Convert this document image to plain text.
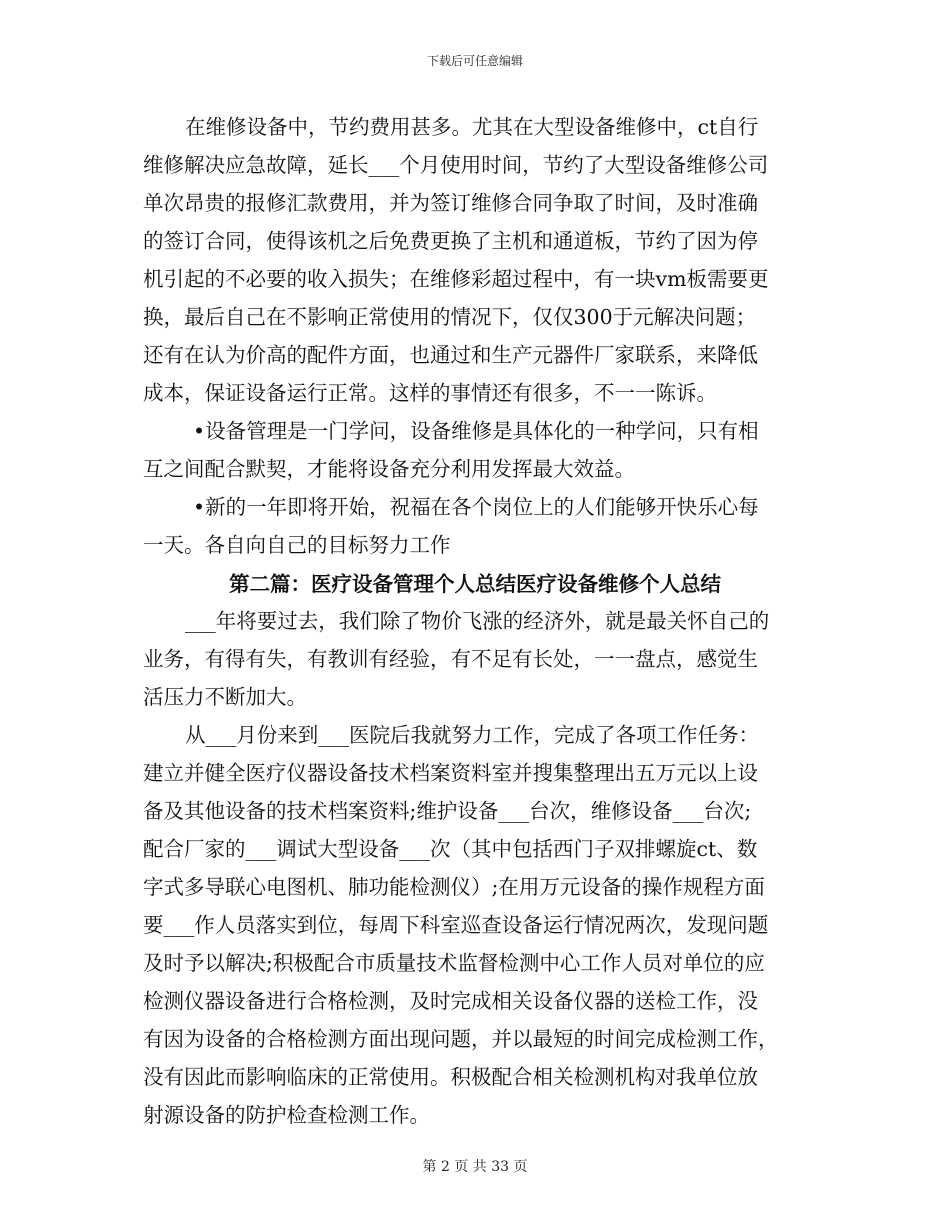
下载后可任意编辑
在维修设备中，节约费用甚多。尤其在大型设备维修中，ct自行
维修解决应急故障，延长___个月使用时间，节约了大型设备维修公司
单次昂贵的报修汇款费用，并为签订维修合同争取了时间，及时准确
的签订合同，使得该机之后免费更换了主机和通道板，节约了因为停
机引起的不必要的收入损失；在维修彩超过程中，有一块vm板需要更
换，最后自己在不影响正常使用的情况下，仅仅300于元解决问题；
还有在认为价高的配件方面，也通过和生产元器件厂家联系，来降低
成本，保证设备运行正常。这样的事情还有很多，不一一陈诉。
•设备管理是一门学问，设备维修是具体化的一种学问，只有相
互之间配合默契，才能将设备充分利用发挥最大效益。
•新的一年即将开始，祝福在各个岗位上的人们能够开快乐心每
一天。各自向自己的目标努力工作
第二篇：医疗设备管理个人总结医疗设备维修个人总结
___年将要过去，我们除了物价飞涨的经济外，就是最关怀自己的
业务，有得有失，有教训有经验，有不足有长处，一一盘点，感觉生
活压力不断加大。
从___月份来到___医院后我就努力工作，完成了各项工作任务：
建立并健全医疗仪器设备技术档案资料室并搜集整理出五万元以上设
备及其他设备的技术档案资料;维护设备___台次，维修设备___台次;
配合厂家的___调试大型设备___次（其中包括西门子双排螺旋ct、数
字式多导联心电图机、肺功能检测仪）;在用万元设备的操作规程方面
要___作人员落实到位，每周下科室巡查设备运行情况两次，发现问题
及时予以解决;积极配合市质量技术监督检测中心工作人员对单位的应
检测仪器设备进行合格检测，及时完成相关设备仪器的送检工作，没
有因为设备的合格检测方面出现问题，并以最短的时间完成检测工作，
没有因此而影响临床的正常使用。积极配合相关检测机构对我单位放
射源设备的防护检查检测工作。
第 2 页 共 33 页
